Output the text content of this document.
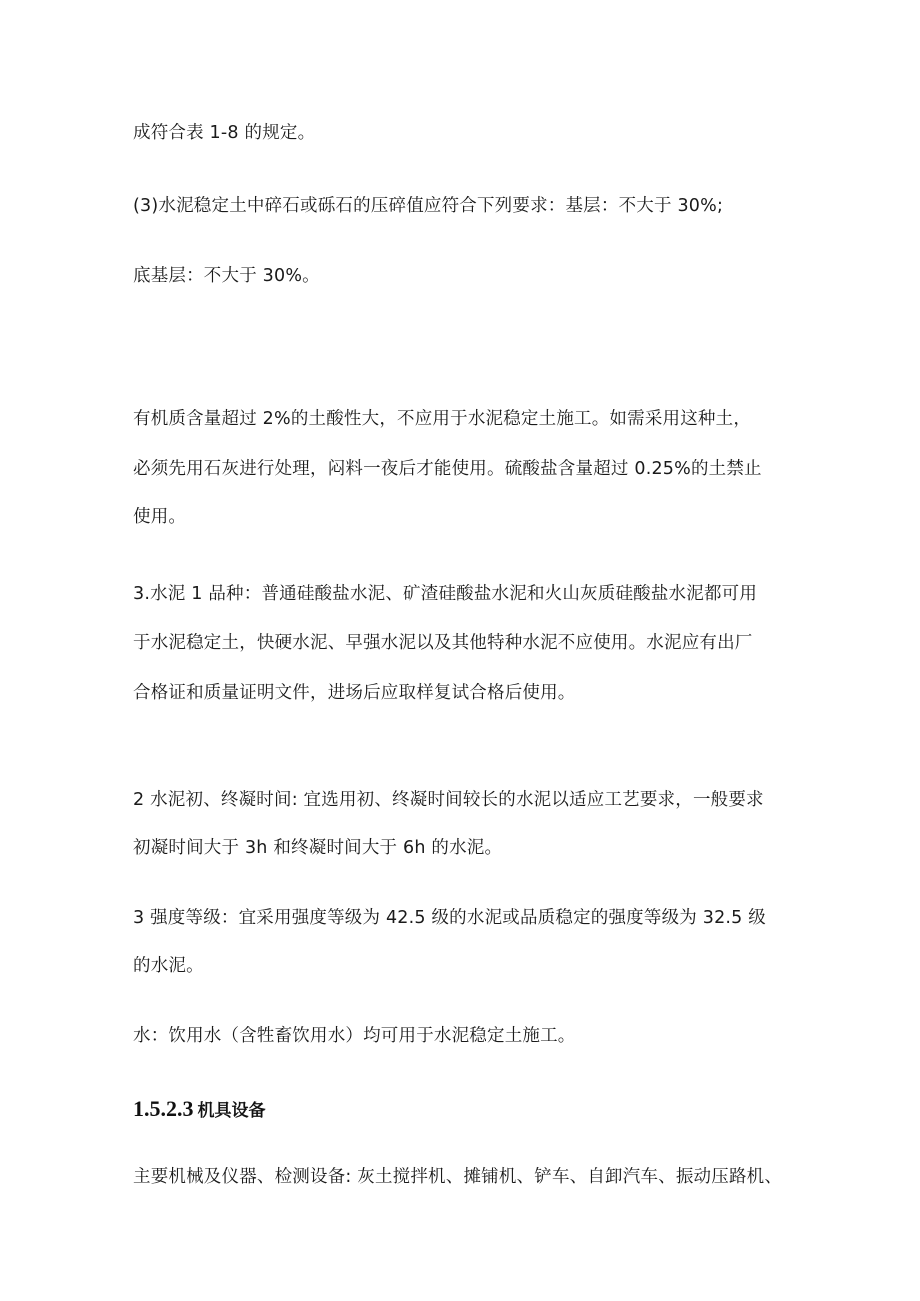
成符合表 1-8 的规定。
(3)水泥稳定土中碎石或砾石的压碎值应符合下列要求：基层：不大于 30%;
底基层：不大于 30%。
有机质含量超过 2%的土酸性大，不应用于水泥稳定土施工。如需采用这种土，
必须先用石灰进行处理，闷料一夜后才能使用。硫酸盐含量超过 0.25%的土禁止
使用。
3.水泥 1 品种：普通硅酸盐水泥、矿渣硅酸盐水泥和火山灰质硅酸盐水泥都可用
于水泥稳定土，快硬水泥、早强水泥以及其他特种水泥不应使用。水泥应有出厂
合格证和质量证明文件，进场后应取样复试合格后使用。
2 水泥初、终凝时间: 宜选用初、终凝时间较长的水泥以适应工艺要求，一般要求
初凝时间大于 3h 和终凝时间大于 6h 的水泥。
3 强度等级：宜采用强度等级为 42.5 级的水泥或品质稳定的强度等级为 32.5 级
的水泥。
水：饮用水（含牲畜饮用水）均可用于水泥稳定土施工。
1.5.2.3 机具设备
主要机械及仪器、检测设备: 灰土搅拌机、摊铺机、铲车、自卸汽车、振动压路机、
